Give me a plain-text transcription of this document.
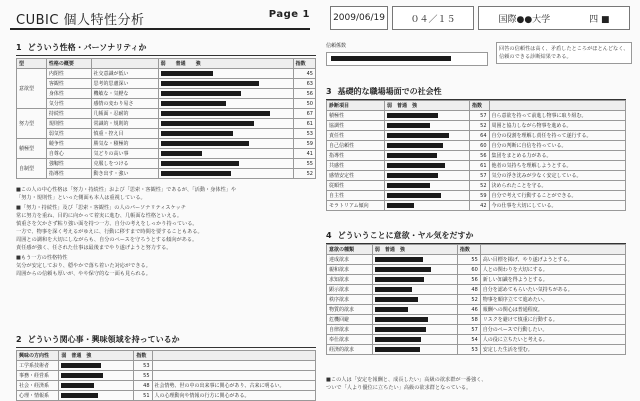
CUBIC 個人特性分析	Page 1	2009/06/19	０４／１５	国際●●大学	四 ■
1 どういう性格・パーソナリティか
型	性格の概要		弱　　普通　　強	指数
意欲型	内閉性	社交意識が低い		45
	客観性	思考的思慮深い		63
	身体性	機敏な・気軽な		56
	気分性	感情の変わり易さ		50
努力型	持続性	几帳面・忍耐的		67
	規則性	常識的・規則的		61
	弱気性	慎重・控え目		53
積極型	競争性	勝気な・積極的		59
	自尊心	気どりの高い事		41
自制型	強靱性	克服しをつける		55
	指導性	動き出す・強い		52
■この人の中心性格は「努力・持続性」および「思索・客観性」であるが、「活動・身体性」や
「努力・規則性」といった側面も本人は重視している。
■「努力・持続性」及び「思索・客観性」の人のパーソナリティスケッチ
常に努力を重ね、目的に向かって着実に進む、几帳面な性格といえる。
慎重さを欠かさず粘り強い面を持つ一方、自分の考えをしっかり持っている。
一方で、物事を深く考えるがゆえに、行動に移すまで時間を要することもある。
周囲との調和を大切にしながらも、自分のペースを守ろうとする傾向がある。
責任感が強く、任された仕事は最後までやり遂げようと努力する。
■もう一方の性格特性
気分が安定しており、穏やかで落ち着いた対応ができる。
周囲からの信頼も厚いが、やや保守的な一面も見られる。
2 どういう関心事・興味領域を持っているか
興味の方向性	弱　普通　強	指数	
工学系技術者		53	
事務・経営系		55	
社会・経済系		48	社会情勢、世の中の出来事に関心があり、古来に明るい。
心理・情報系		51	人の心理動向や情報の行方に関心がある。
信頼係数	回答の信頼性は高く、矛盾したところがほとんどなく、信頼のできる診断結果である。
3 基礎的な職場場面での社会性
診断項目	弱　普通　強	指数	
積極性		57	自ら意欲を持って前進し物事に取り組む。
協調性		52	周囲と協力しながら物事を進める。
責任性		64	自分の役割を理解し責任を持って遂行する。
自己信頼性		60	自分の判断に自信を持っている。
指導性		56	集団をまとめる力がある。
共感性		61	他者の気持ちを理解しようとする。
感情安定性		57	気分の浮き沈みが少なく安定している。
従順性		52	決められたことを守る。
自主性		59	自分で考えて行動することができる。
モラトリアム傾向		42	今の仕事を大切にしている。
4 どういうことに意欲・ヤル気をだすか
意欲の種類	弱　普通　強	指数	
達成欲求		55	高い目標を掲げ、やり遂げようとする。
親和欲求		60	人との関わりを大切にする。
求知欲求		56	新しい知識を得ようとする。
顕示欲求		48	自分を認めてもらいたい気持ちがある。
秩序欲求		52	物事を順序立てて進めたい。
物質的欲求		46	報酬への関心は普通程度。
危機回避		58	リスクを避けて慎重に行動する。
自律欲求		57	自分のペースで行動したい。
奉仕欲求		54	人の役に立ちたいと考える。
経済的欲求		53	安定した生活を望む。
■この人は「安定を報酬と、成長したい」高級の欲求群が一番強く、
ついで「人より優位に立ちたい」高級の欲求群となっている。
